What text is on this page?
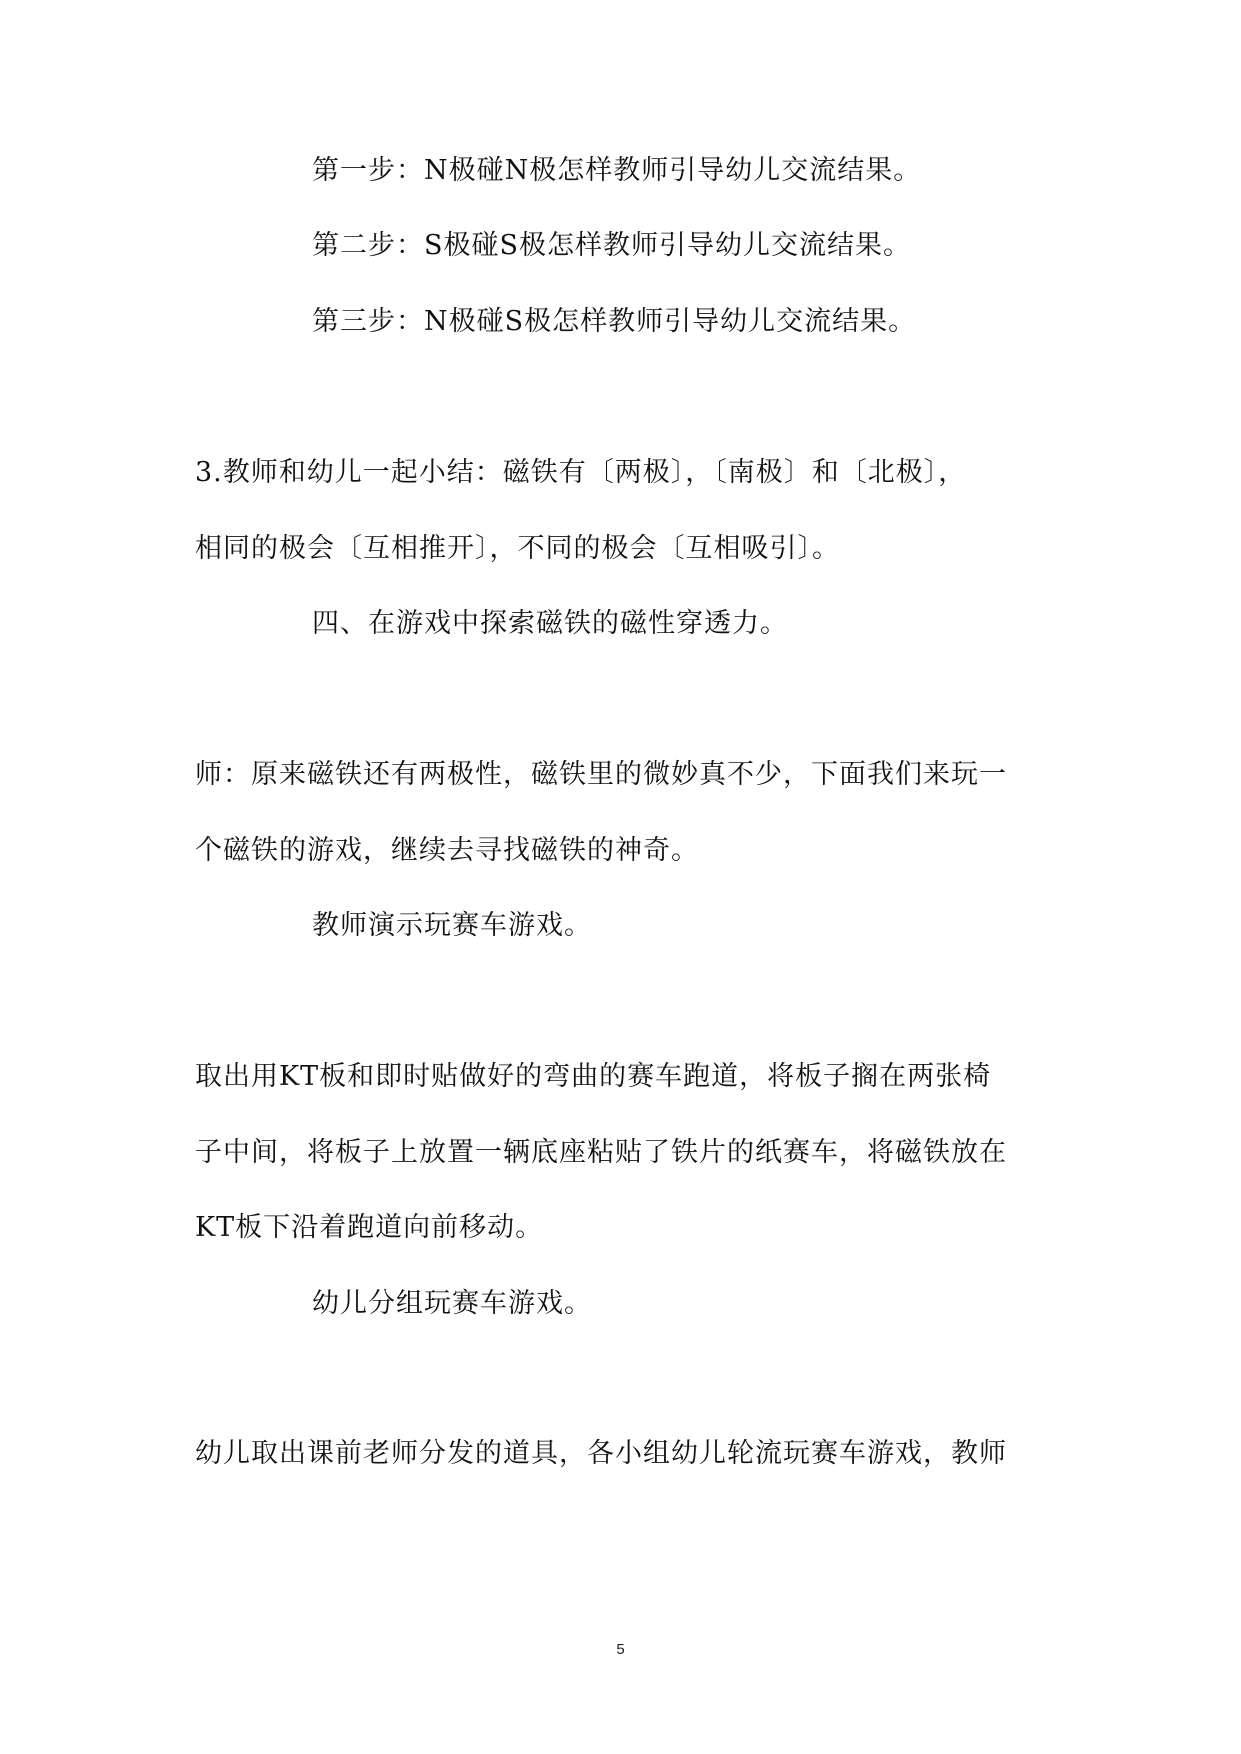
第一步：N极碰N极怎样教师引导幼儿交流结果。
第二步：S极碰S极怎样教师引导幼儿交流结果。
第三步：N极碰S极怎样教师引导幼儿交流结果。
3.教师和幼儿一起小结：磁铁有〔两极〕，〔南极〕和〔北极〕，
相同的极会〔互相推开〕，不同的极会〔互相吸引〕。
四、在游戏中探索磁铁的磁性穿透力。
师：原来磁铁还有两极性，磁铁里的微妙真不少，下面我们来玩一
个磁铁的游戏，继续去寻找磁铁的神奇。
教师演示玩赛车游戏。
取出用KT板和即时贴做好的弯曲的赛车跑道，将板子搁在两张椅
子中间，将板子上放置一辆底座粘贴了铁片的纸赛车，将磁铁放在
KT板下沿着跑道向前移动。
幼儿分组玩赛车游戏。
幼儿取出课前老师分发的道具，各小组幼儿轮流玩赛车游戏，教师
5
